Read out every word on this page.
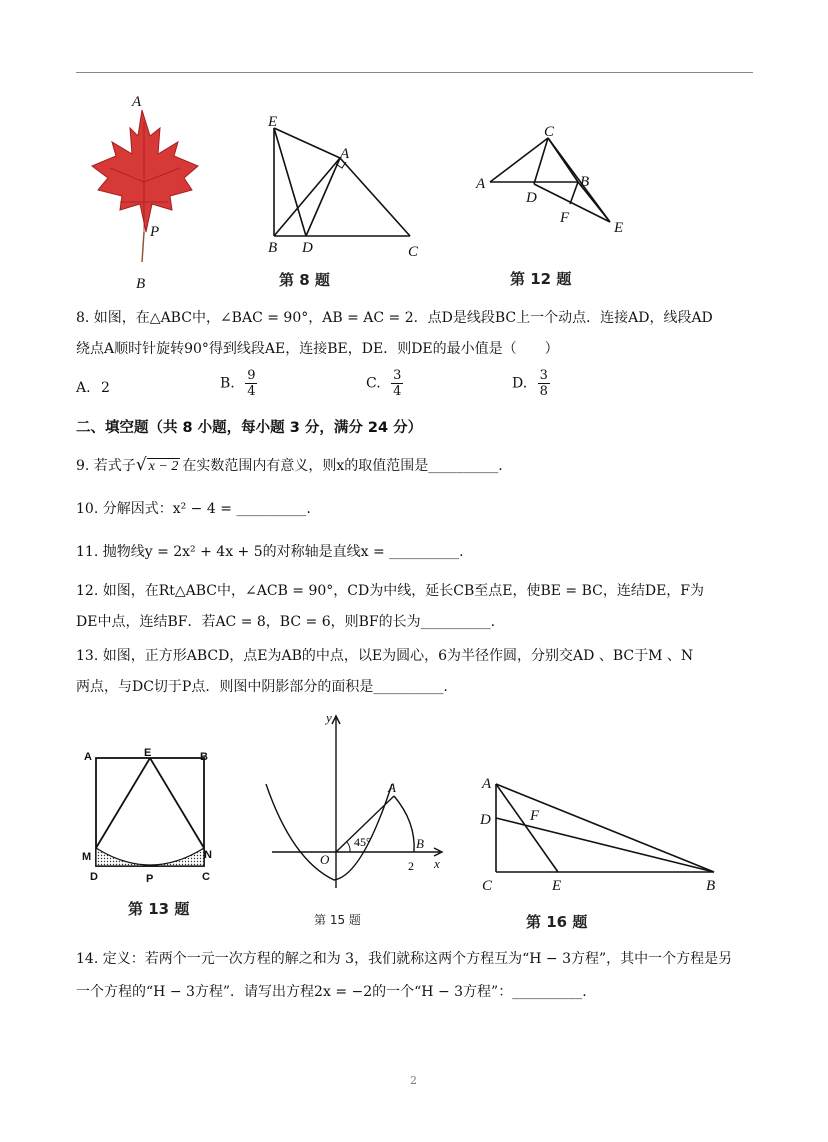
A
P
B
E
A
B D	C
第 8 题
C
A	B
D
F
E
第 12 题
8. 如图，在△ABC中，∠BAC = 90°，AB = AC = 2．点D是线段BC上一个动点．连接AD，线段AD
绕点A顺时针旋转90°得到线段AE，连接BE，DE．则DE的最小值是（　　）
A. 2	B. $\frac{9}{4}$	C. $\frac{3}{4}$	D. $\frac{3}{8}$
二、填空题（共 8 小题，每小题 3 分，满分 24 分）
9. 若式子√ x − 2 在实数范围内有意义，则x的取值范围是__________.
10. 分解因式：x² − 4 = __________.
11. 抛物线y = 2x² + 4x + 5的对称轴是直线x = __________.
12. 如图，在Rt△ABC中，∠ACB = 90°，CD为中线，延长CB至点E，使BE = BC，连结DE，F为
DE中点，连结BF．若AC = 8，BC = 6，则BF的长为__________.
13. 如图，正方形ABCD，点E为AB的中点，以E为圆心，6为半径作圆，分别交AD 、BC于M 、N
两点，与DC切于P点．则图中阴影部分的面积是__________.
A	E	B
M	N
D	P	C
第 13 题
y
A
45°
O
B
2 x
第 15 题
A
D	F
C	E	B
第 16 题
14. 定义：若两个一元一次方程的解之和为 3，我们就称这两个方程互为“H − 3方程”，其中一个方程是另
一个方程的“H − 3方程”．请写出方程2x = −2的一个“H − 3方程”：__________.
2
